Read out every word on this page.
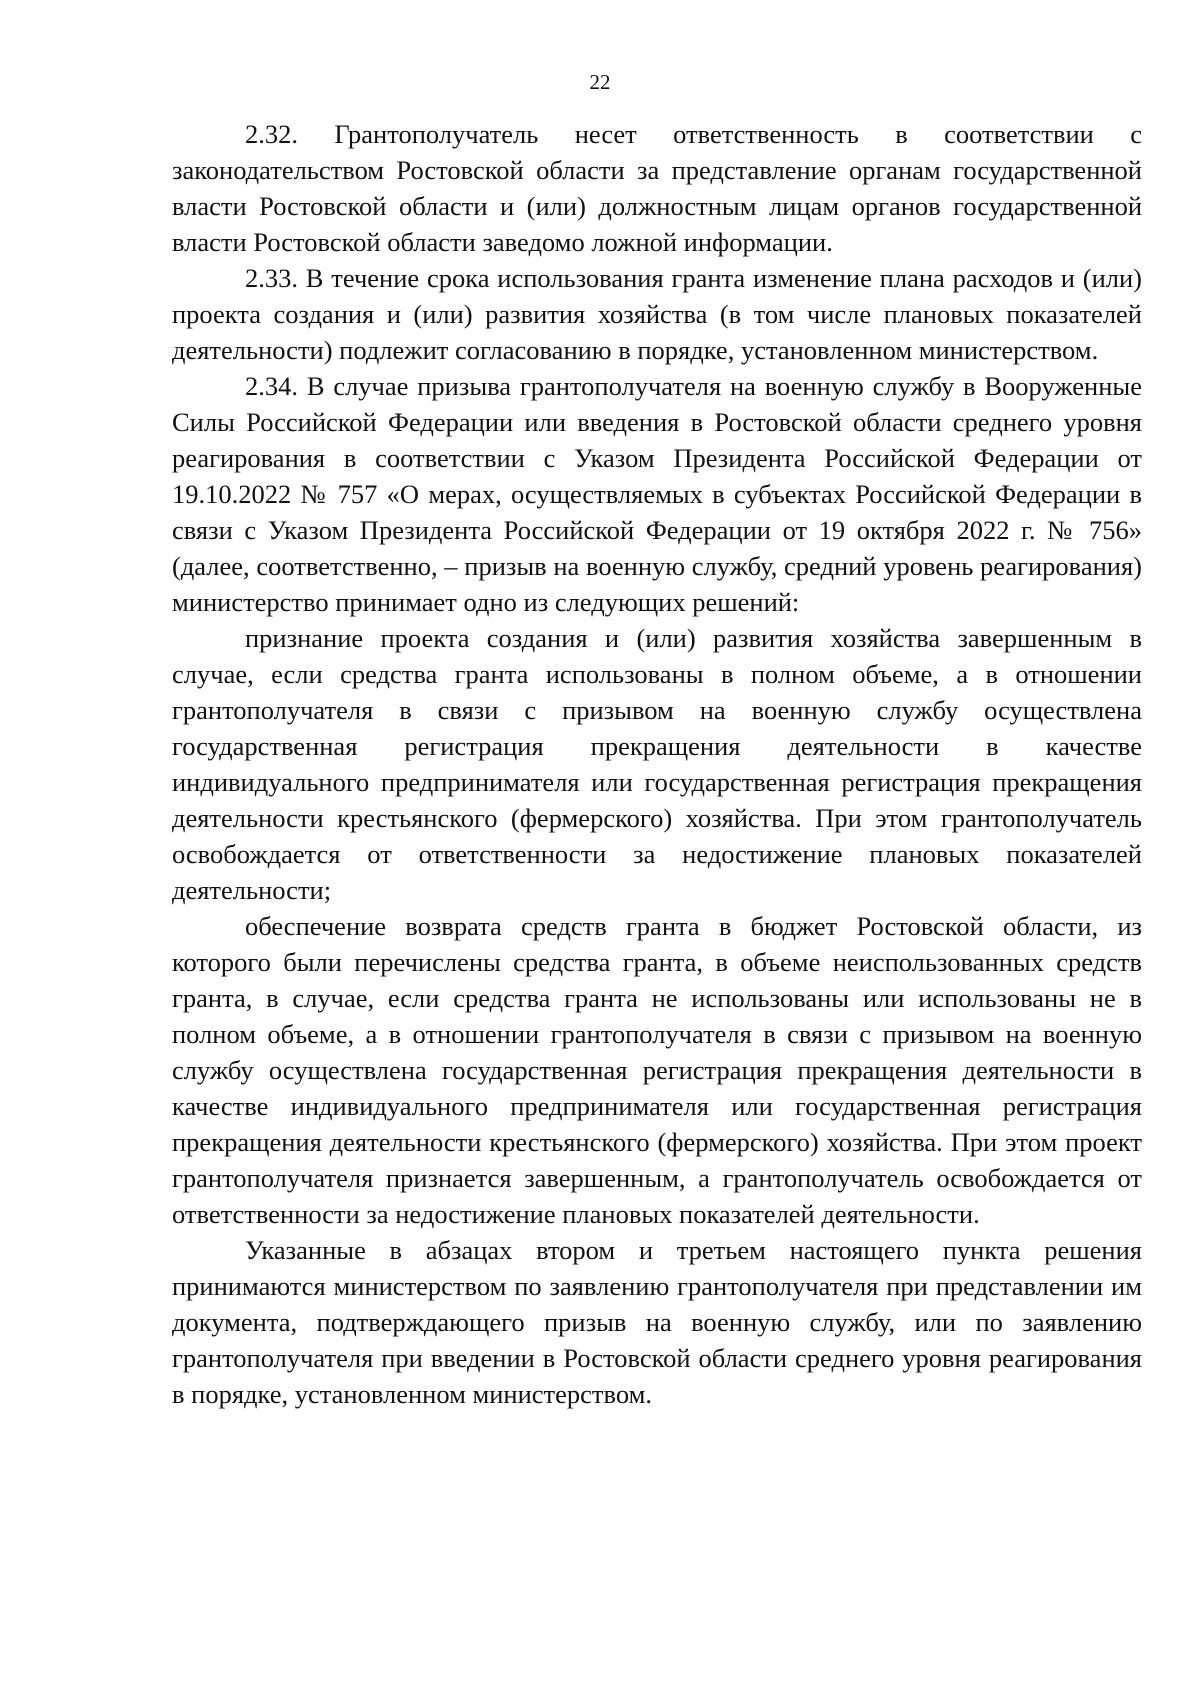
22

2.32. Грантополучатель несет ответственность в соответствии с законодательством Ростовской области за представление органам государственной власти Ростовской области и (или) должностным лицам органов государственной власти Ростовской области заведомо ложной информации.

2.33. В течение срока использования гранта изменение плана расходов и (или) проекта создания и (или) развития хозяйства (в том числе плановых показателей деятельности) подлежит согласованию в порядке, установленном министерством.

2.34. В случае призыва грантополучателя на военную службу в Вооруженные Силы Российской Федерации или введения в Ростовской области среднего уровня реагирования в соответствии с Указом Президента Российской Федерации от 19.10.2022 № 757 «О мерах, осуществляемых в субъектах Российской Федерации в связи с Указом Президента Российской Федерации от 19 октября 2022 г. № 756» (далее, соответственно, – призыв на военную службу, средний уровень реагирования) министерство принимает одно из следующих решений:

признание проекта создания и (или) развития хозяйства завершенным в случае, если средства гранта использованы в полном объеме, а в отношении грантополучателя в связи с призывом на военную службу осуществлена государственная регистрация прекращения деятельности в качестве индивидуального предпринимателя или государственная регистрация прекращения деятельности крестьянского (фермерского) хозяйства. При этом грантополучатель освобождается от ответственности за недостижение плановых показателей деятельности;

обеспечение возврата средств гранта в бюджет Ростовской области, из которого были перечислены средства гранта, в объеме неиспользованных средств гранта, в случае, если средства гранта не использованы или использованы не в полном объеме, а в отношении грантополучателя в связи с призывом на военную службу осуществлена государственная регистрация прекращения деятельности в качестве индивидуального предпринимателя или государственная регистрация прекращения деятельности крестьянского (фермерского) хозяйства. При этом проект грантополучателя признается завершенным, а грантополучатель освобождается от ответственности за недостижение плановых показателей деятельности.

Указанные в абзацах втором и третьем настоящего пункта решения принимаются министерством по заявлению грантополучателя при представлении им документа, подтверждающего призыв на военную службу, или по заявлению грантополучателя при введении в Ростовской области среднего уровня реагирования в порядке, установленном министерством.
